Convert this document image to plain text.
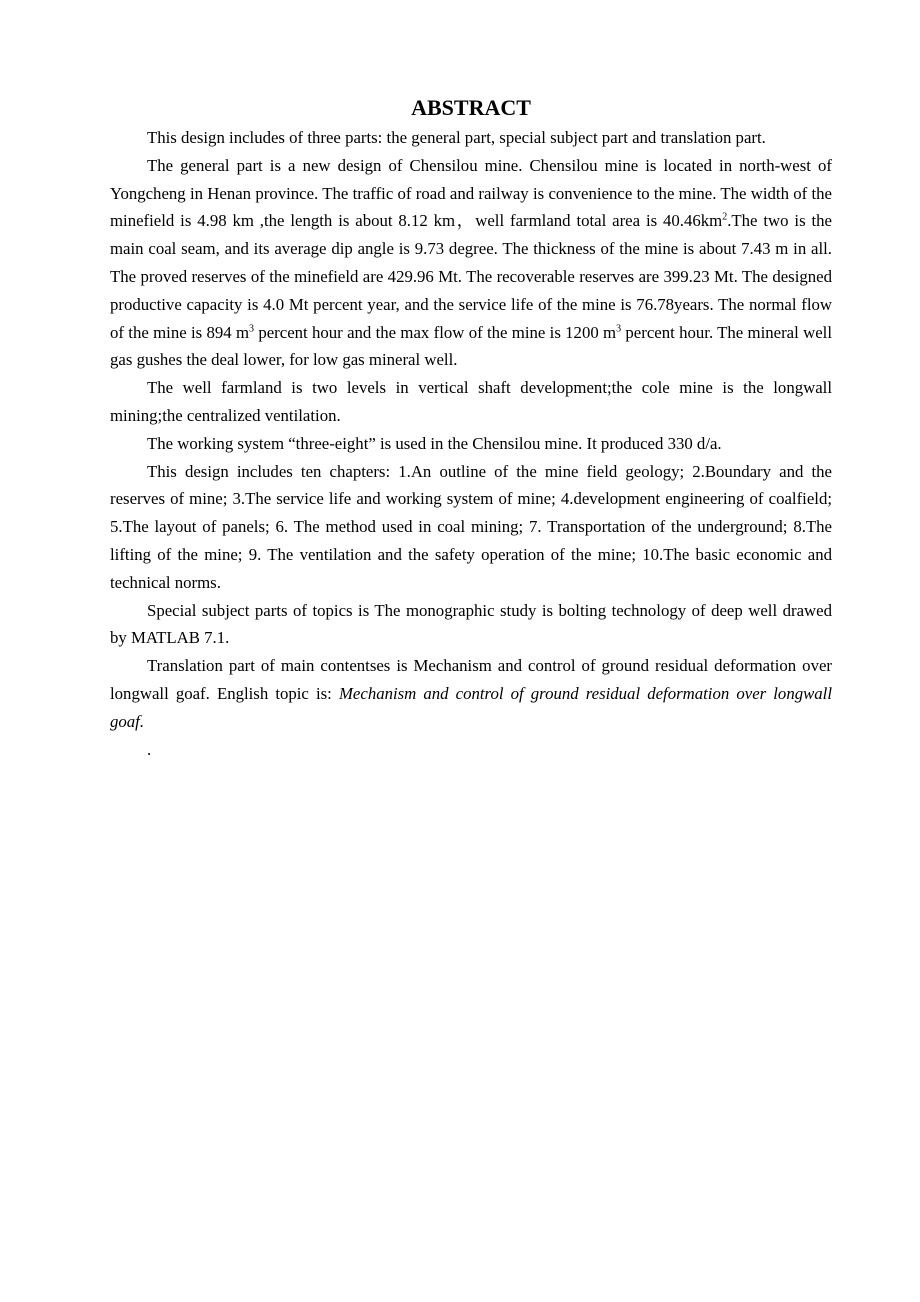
ABSTRACT

This design includes of three parts: the general part, special subject part and translation part.

The general part is a new design of Chensilou mine. Chensilou mine is located in north-west of Yongcheng in Henan province. The traffic of road and railway is convenience to the mine. The width of the minefield is 4.98 km ,the length is about 8.12 km，well farmland total area is $40.46km^2.The$ two is the main coal seam, and its average dip angle is 9.73 degree. The thickness of the mine is about 7.43 m in all. The proved reserves of the minefield are 429.96 Mt. The recoverable reserves are 399.23 Mt. The designed productive capacity is 4.0 Mt percent year, and the service life of the mine is 76.78years. The normal flow of the mine is 894 $m^3$ percent hour and the max flow of the mine is 1200 $m^3$ percent hour. The mineral well gas gushes the deal lower, for low gas mineral well.

The well farmland is two levels in vertical shaft development;the cole mine is the longwall mining;the centralized ventilation.

The working system “three-eight” is used in the Chensilou mine. It produced 330 d/a.

This design includes ten chapters: 1.An outline of the mine field geology; 2.Boundary and the reserves of mine; 3.The service life and working system of mine; 4.development engineering of coalfield; 5.The layout of panels; 6. The method used in coal mining; 7. Transportation of the underground; 8.The lifting of the mine; 9. The ventilation and the safety operation of the mine; 10.The basic economic and technical norms.

Special subject parts of topics is The monographic study is bolting technology of deep well drawed by MATLAB 7.1.

Translation part of main contentses is Mechanism and control of ground residual deformation over longwall goaf. English topic is: Mechanism and control of ground residual deformation over longwall goaf.

.
